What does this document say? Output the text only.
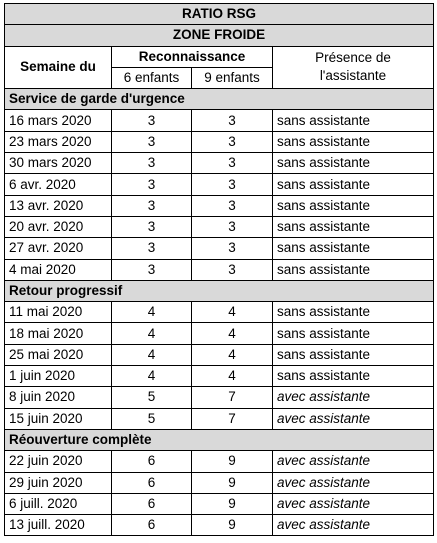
RATIO RSG			
ZONE FROIDE			
Semaine du	Reconnaissance		Présence de
l'assistante
	6 enfants	9 enfants	
Service de garde d'urgence			
16 mars 2020	3	3	sans assistante
23 mars 2020	3	3	sans assistante
30 mars 2020	3	3	sans assistante
6 avr. 2020	3	3	sans assistante
13 avr. 2020	3	3	sans assistante
20 avr. 2020	3	3	sans assistante
27 avr. 2020	3	3	sans assistante
4 mai 2020	3	3	sans assistante
Retour progressif			
11 mai 2020	4	4	sans assistante
18 mai 2020	4	4	sans assistante
25 mai 2020	4	4	sans assistante
1 juin 2020	4	4	sans assistante
8 juin 2020	5	7	avec assistante
15 juin 2020	5	7	avec assistante
Réouverture complète			
22 juin 2020	6	9	avec assistante
29 juin 2020	6	9	avec assistante
6 juill. 2020	6	9	avec assistante
13 juill. 2020	6	9	avec assistante
